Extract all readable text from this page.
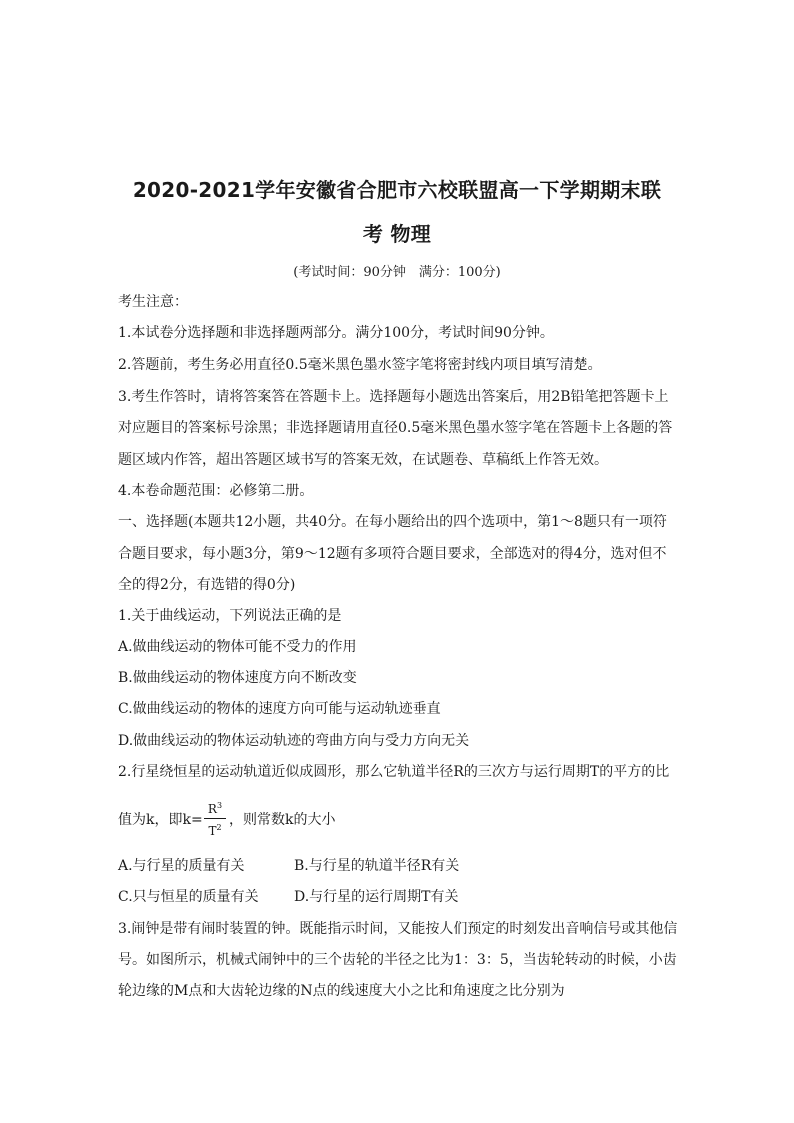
2020-2021学年安徽省合肥市六校联盟高一下学期期末联
考 物理
(考试时间：90分钟　满分：100分)
考生注意：
1.本试卷分选择题和非选择题两部分。满分100分，考试时间90分钟。
2.答题前，考生务必用直径0.5毫米黑色墨水签字笔将密封线内项目填写清楚。
3.考生作答时，请将答案答在答题卡上。选择题每小题选出答案后，用2B铅笔把答题卡上
对应题目的答案标号涂黑；非选择题请用直径0.5毫米黑色墨水签字笔在答题卡上各题的答
题区域内作答，超出答题区域书写的答案无效，在试题卷、草稿纸上作答无效。
4.本卷命题范围：必修第二册。
一、选择题(本题共12小题，共40分。在每小题给出的四个选项中，第1～8题只有一项符
合题目要求，每小题3分，第9～12题有多项符合题目要求，全部选对的得4分，选对但不
全的得2分，有选错的得0分)
1.关于曲线运动，下列说法正确的是
A.做曲线运动的物体可能不受力的作用
B.做曲线运动的物体速度方向不断改变
C.做曲线运动的物体的速度方向可能与运动轨迹垂直
D.做曲线运动的物体运动轨迹的弯曲方向与受力方向无关
2.行星绕恒星的运动轨道近似成圆形，那么它轨道半径R的三次方与运行周期T的平方的比
值为k，即k=
$R^3$
$T^2$ ，则常数k的大小
A.与行星的质量有关	B.与行星的轨道半径R有关
C.只与恒星的质量有关	D.与行星的运行周期T有关
3.闹钟是带有闹时装置的钟。既能指示时间，又能按人们预定的时刻发出音响信号或其他信
号。如图所示，机械式闹钟中的三个齿轮的半径之比为1：3：5，当齿轮转动的时候，小齿
轮边缘的M点和大齿轮边缘的N点的线速度大小之比和角速度之比分别为
